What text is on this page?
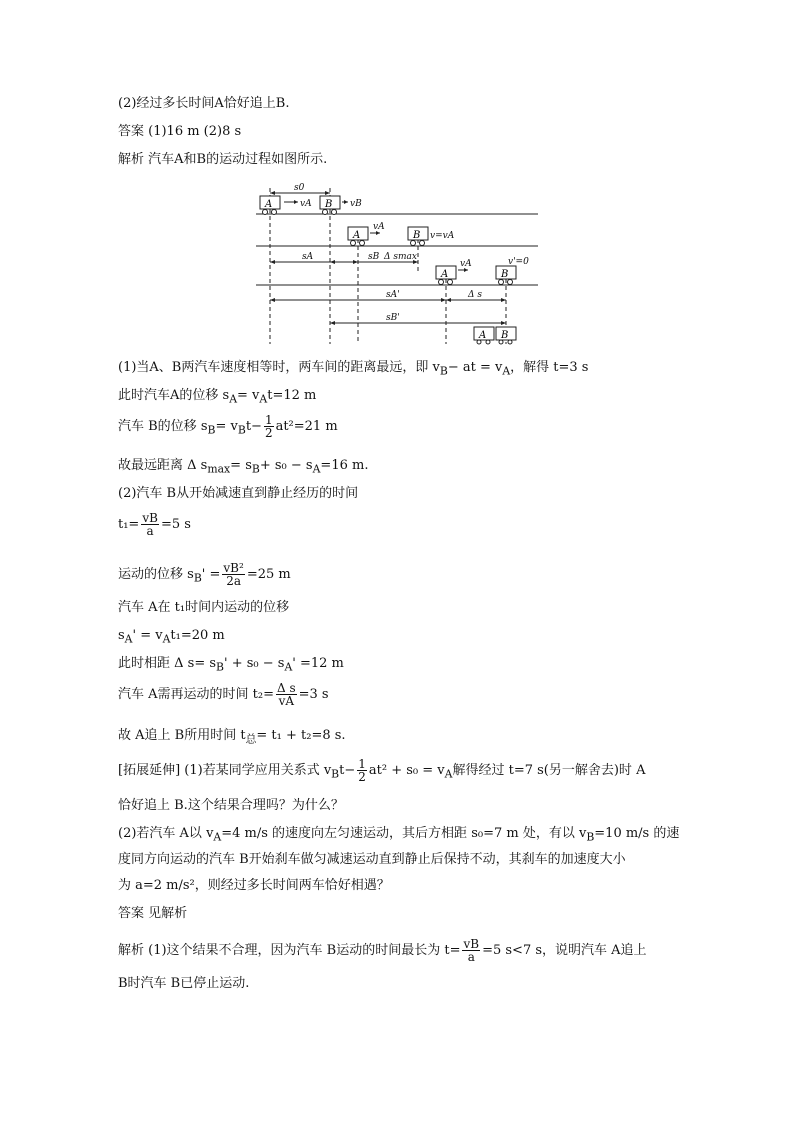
(2)经过多长时间A恰好追上B.
答案 (1)16 m (2)8 s
解析 汽车A和B的运动过程如图所示.
A	B
A	B
A	B
A B
s0
vA	vB
vA
v=vA
sA	sB Δ smax
vA	v'=0
sA'	Δ s
sB'
(1)当A、B两汽车速度相等时，两车间的距离最远，即 $v_B-$ at = $v_A$，解得 t=3 s
此时汽车A的位移 $s_A= v_At=12$ m
汽车 B的位移 $s_B= v_Bt- \frac{1}{2} at^2=21$ m
故最远距离 Δ $s_{max}= s_B+ s_0 - s_A=16$ m.
(2)汽车 B从开始减速直到静止经历的时间
$t_1= \frac{vB}{a} =5$ s
运动的位移 $s_B' = \frac{\text{vB²}}{2a} =25$ m
汽车 A在 t₁时间内运动的位移
$s_A' = v_At_1=20$ m
此时相距 Δ $s= s_B' + s_0 - s_A' =12$ m
汽车 A需再运动的时间 $t_2= \frac{\text{Δ s}}{vA} =3$ s
故 A追上 B所用时间 $t_总= t_1 + t_2=8$ s.
[拓展延伸] (1)若某同学应用关系式 $v_Bt- \frac{1}{2} at^2 + s_0 = v_A$解得经过 t=7 s(另一解舍去)时 A
恰好追上 B.这个结果合理吗？为什么？
(2)若汽车 A以 $v_A=4$ m/s 的速度向左匀速运动，其后方相距 s₀=7 m 处，有以 $v_B=10$ m/s 的速
度同方向运动的汽车 B开始刹车做匀减速运动直到静止后保持不动，其刹车的加速度大小
为 a=2 m/s²，则经过多长时间两车恰好相遇？
答案 见解析
解析 (1)这个结果不合理，因为汽车 B运动的时间最长为 $t= \frac{vB}{a} =5$ s<7 s，说明汽车 A追上
B时汽车 B已停止运动.
